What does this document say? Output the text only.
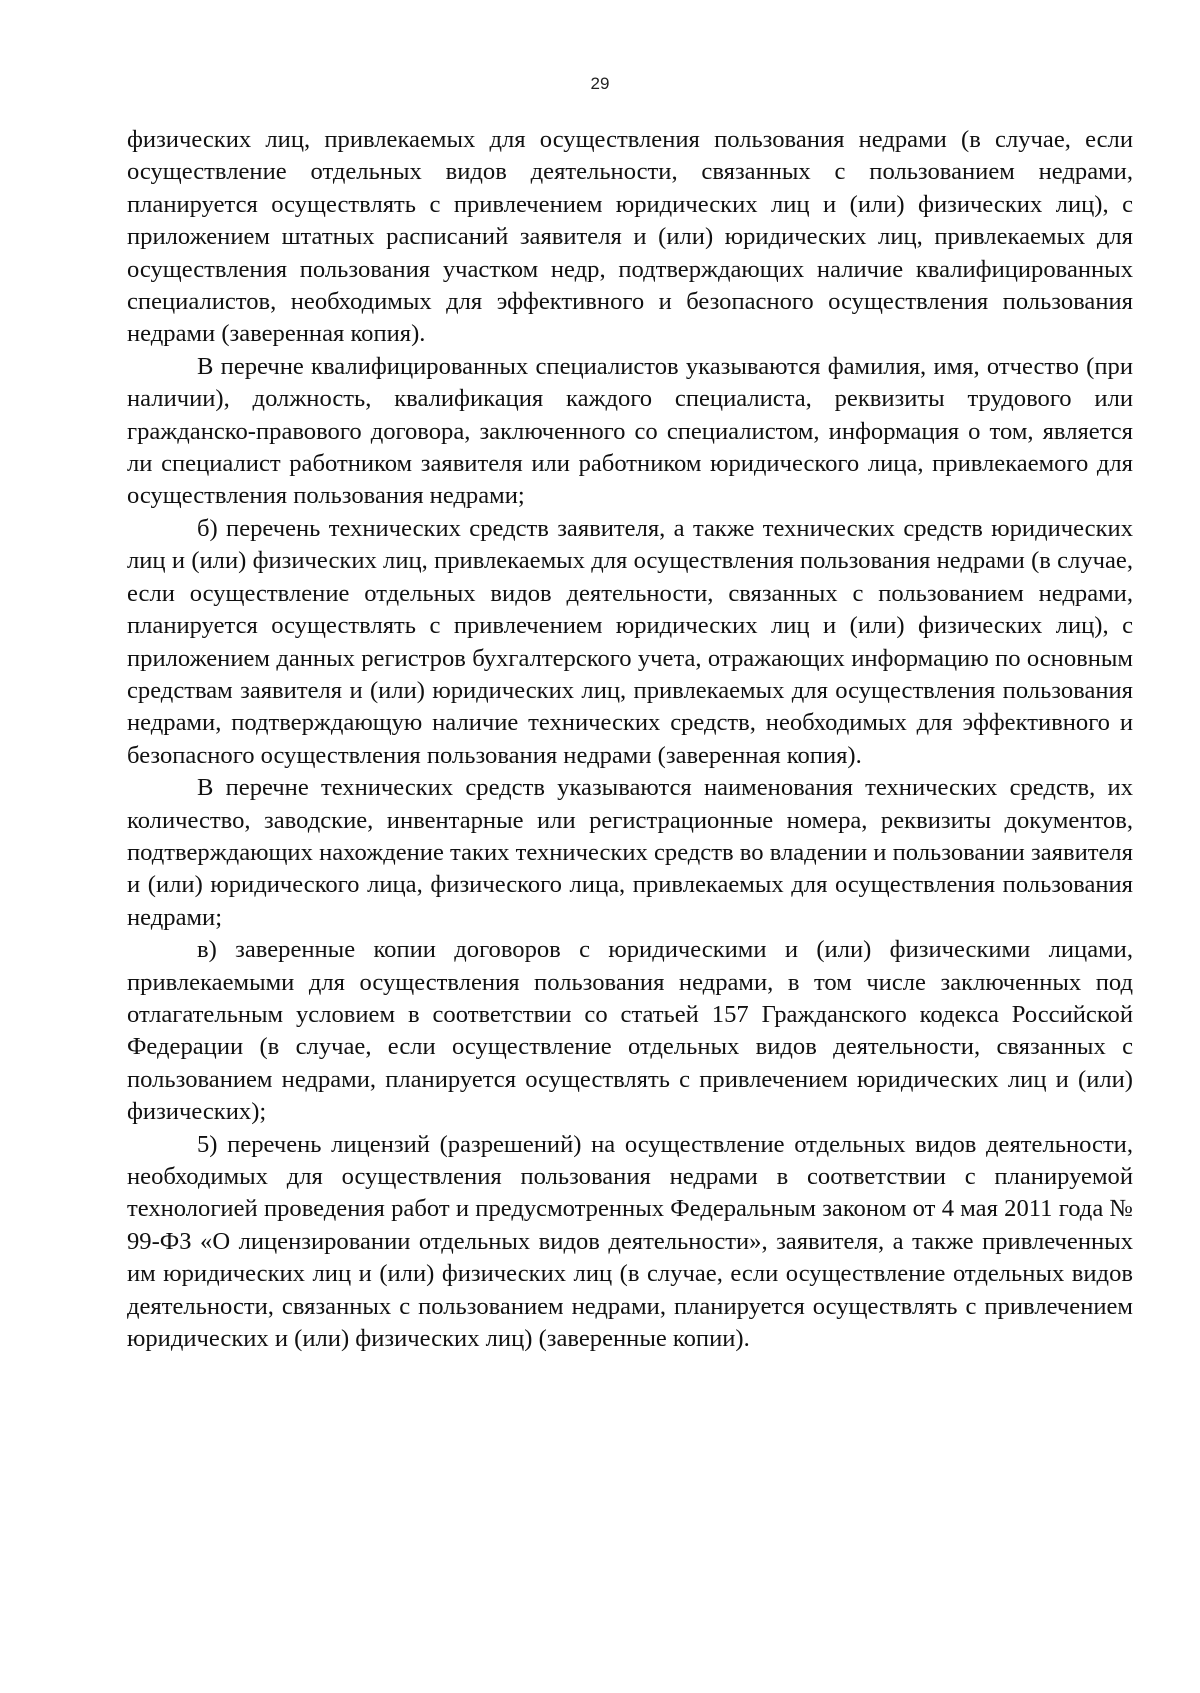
29

физических лиц, привлекаемых для осуществления пользования недрами (в случае, если осуществление отдельных видов деятельности, связанных с пользованием недрами, планируется осуществлять с привлечением юридических лиц и (или) физических лиц), с приложением штатных расписаний заявителя и (или) юридических лиц, привлекаемых для осуществления пользования участком недр, подтверждающих наличие квалифицированных специалистов, необходимых для эффективного и безопасного осуществления пользования недрами (заверенная копия).

В перечне квалифицированных специалистов указываются фамилия, имя, отчество (при наличии), должность, квалификация каждого специалиста, реквизиты трудового или гражданско-правового договора, заключенного со специалистом, информация о том, является ли специалист работником заявителя или работником юридического лица, привлекаемого для осуществления пользования недрами;

б) перечень технических средств заявителя, а также технических средств юридических лиц и (или) физических лиц, привлекаемых для осуществления пользования недрами (в случае, если осуществление отдельных видов деятельности, связанных с пользованием недрами, планируется осуществлять с привлечением юридических лиц и (или) физических лиц), с приложением данных регистров бухгалтерского учета, отражающих информацию по основным средствам заявителя и (или) юридических лиц, привлекаемых для осуществления пользования недрами, подтверждающую наличие технических средств, необходимых для эффективного и безопасного осуществления пользования недрами (заверенная копия).

В перечне технических средств указываются наименования технических средств, их количество, заводские, инвентарные или регистрационные номера, реквизиты документов, подтверждающих нахождение таких технических средств во владении и пользовании заявителя и (или) юридического лица, физического лица, привлекаемых для осуществления пользования недрами;

в) заверенные копии договоров с юридическими и (или) физическими лицами, привлекаемыми для осуществления пользования недрами, в том числе заключенных под отлагательным условием в соответствии со статьей 157 Гражданского кодекса Российской Федерации (в случае, если осуществление отдельных видов деятельности, связанных с пользованием недрами, планируется осуществлять с привлечением юридических лиц и (или) физических);

5) перечень лицензий (разрешений) на осуществление отдельных видов деятельности, необходимых для осуществления пользования недрами в соответствии с планируемой технологией проведения работ и предусмотренных Федеральным законом от 4 мая 2011 года № 99-ФЗ «О лицензировании отдельных видов деятельности», заявителя, а также привлеченных им юридических лиц и (или) физических лиц (в случае, если осуществление отдельных видов деятельности, связанных с пользованием недрами, планируется осуществлять с привлечением юридических и (или) физических лиц) (заверенные копии).
